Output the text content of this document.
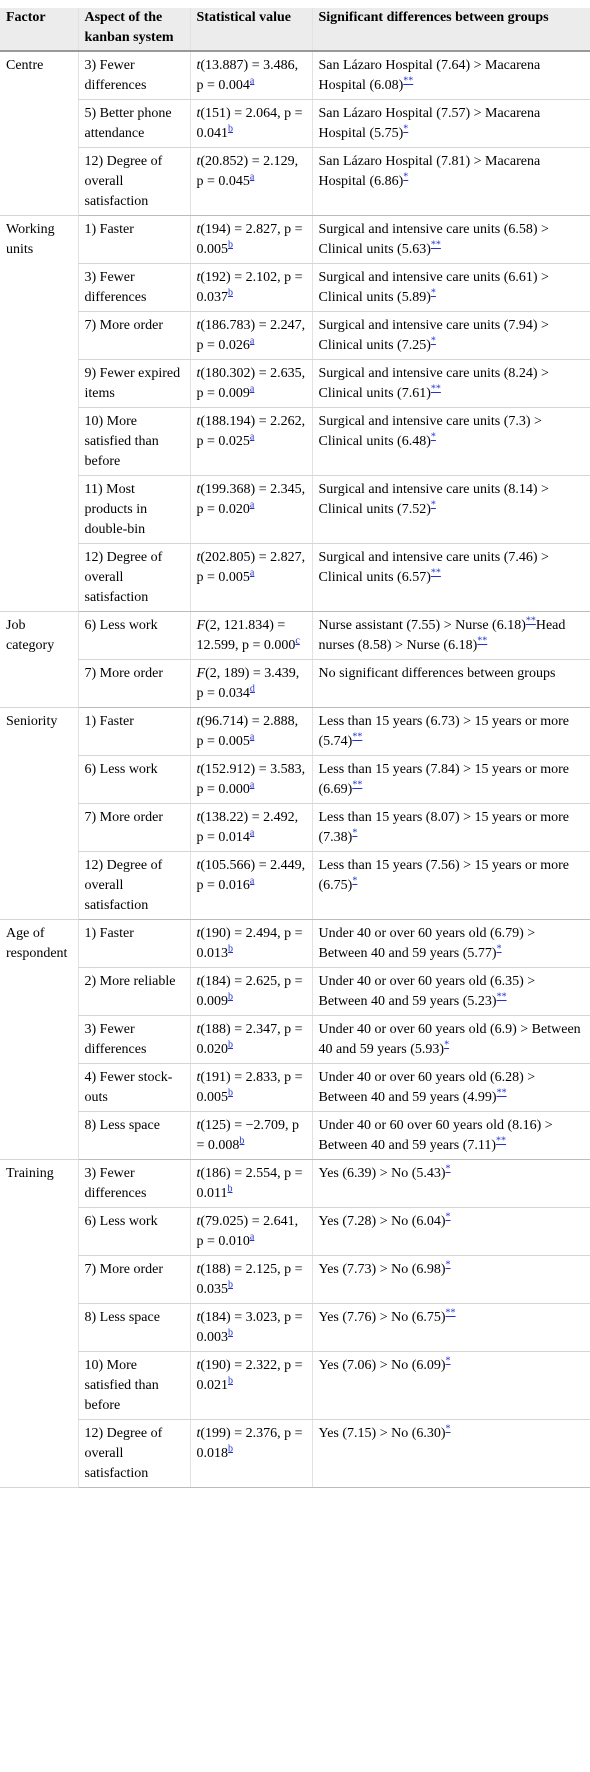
Factor	Aspect of the kanban system	Statistical value	Significant differences between groups
Centre	3) Fewer differences	t(13.887) = 3.486, p = 0.004$^a$	San Lázaro Hospital (7.64) > Macarena Hospital (6.08)**
	5) Better phone attendance	t(151) = 2.064, p = 0.041$^b$	San Lázaro Hospital (7.57) > Macarena Hospital (5.75)*
	12) Degree of overall satisfaction	t(20.852) = 2.129, p = 0.045$^a$	San Lázaro Hospital (7.81) > Macarena Hospital (6.86)*
Working units	1) Faster	t(194) = 2.827, p = 0.005$^b$	Surgical and intensive care units (6.58) > Clinical units (5.63)**
	3) Fewer differences	t(192) = 2.102, p = 0.037$^b$	Surgical and intensive care units (6.61) > Clinical units (5.89)*
	7) More order	t(186.783) = 2.247, p = 0.026$^a$	Surgical and intensive care units (7.94) > Clinical units (7.25)*
	9) Fewer expired items	t(180.302) = 2.635, p = 0.009$^a$	Surgical and intensive care units (8.24) > Clinical units (7.61)**
	10) More satisfied than before	t(188.194) = 2.262, p = 0.025$^a$	Surgical and intensive care units (7.3) > Clinical units (6.48)*
	11) Most products in double-bin	t(199.368) = 2.345, p = 0.020$^a$	Surgical and intensive care units (8.14) > Clinical units (7.52)*
	12) Degree of overall satisfaction	t(202.805) = 2.827, p = 0.005$^a$	Surgical and intensive care units (7.46) > Clinical units (6.57)**
Job category	6) Less work	F(2, 121.834) = 12.599, p = 0.000$^c$	Nurse assistant (7.55) > Nurse (6.18)**Head nurses (8.58) > Nurse (6.18)**
	7) More order	F(2, 189) = 3.439, p = 0.034$^d$	No significant differences between groups
Seniority	1) Faster	t(96.714) = 2.888, p = 0.005$^a$	Less than 15 years (6.73) > 15 years or more (5.74)**
	6) Less work	t(152.912) = 3.583, p = 0.000$^a$	Less than 15 years (7.84) > 15 years or more (6.69)**
	7) More order	t(138.22) = 2.492, p = 0.014$^a$	Less than 15 years (8.07) > 15 years or more (7.38)*
	12) Degree of overall satisfaction	t(105.566) = 2.449, p = 0.016$^a$	Less than 15 years (7.56) > 15 years or more (6.75)*
Age of respondent	1) Faster	t(190) = 2.494, p = 0.013$^b$	Under 40 or over 60 years old (6.79) > Between 40 and 59 years (5.77)*
	2) More reliable	t(184) = 2.625, p = 0.009$^b$	Under 40 or over 60 years old (6.35) > Between 40 and 59 years (5.23)**
	3) Fewer differences	t(188) = 2.347, p = 0.020$^b$	Under 40 or over 60 years old (6.9) > Between 40 and 59 years (5.93)*
	4) Fewer stock-outs	t(191) = 2.833, p = 0.005$^b$	Under 40 or over 60 years old (6.28) > Between 40 and 59 years (4.99)**
	8) Less space	t(125) = −2.709, p = 0.008$^b$	Under 40 or 60 over 60 years old (8.16) > Between 40 and 59 years (7.11)**
Training	3) Fewer differences	t(186) = 2.554, p = 0.011$^b$	Yes (6.39) > No (5.43)*
	6) Less work	t(79.025) = 2.641, p = 0.010$^a$	Yes (7.28) > No (6.04)*
	7) More order	t(188) = 2.125, p = 0.035$^b$	Yes (7.73) > No (6.98)*
	8) Less space	t(184) = 3.023, p = 0.003$^b$	Yes (7.76) > No (6.75)**
	10) More satisfied than before	t(190) = 2.322, p = 0.021$^b$	Yes (7.06) > No (6.09)*
	12) Degree of overall satisfaction	t(199) = 2.376, p = 0.018$^b$	Yes (7.15) > No (6.30)*
